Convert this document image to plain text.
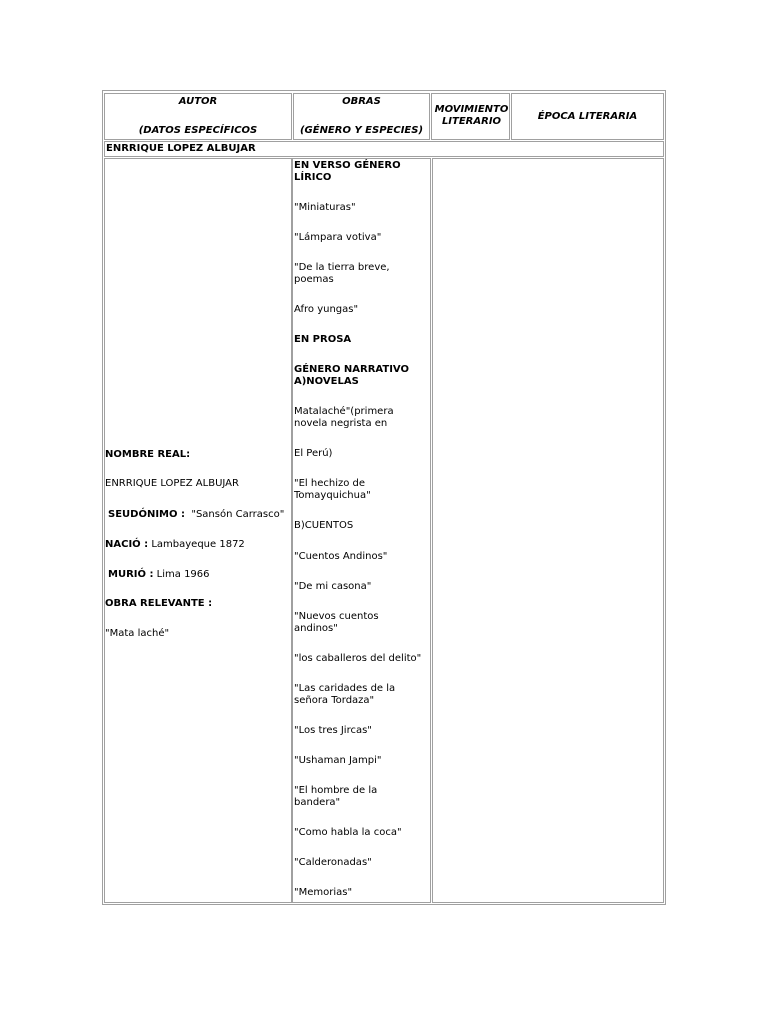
AUTOR
(DATOS ESPECÍFICOS
OBRAS
(GÉNERO Y ESPECIES)
MOVIMIENTO LITERARIO	ÉPOCA LITERARIA
ENRRIQUE LOPEZ ALBUJAR
NOMBRE REAL:
ENRRIQUE LOPEZ ALBUJAR
SEUDÓNIMO : "Sansón Carrasco"
NACIÓ : Lambayeque 1872
MURIÓ : Lima 1966
OBRA RELEVANTE :
"Mata laché"
EN VERSO GÉNERO LÍRICO
"Miniaturas"
"Lámpara votiva"
"De la tierra breve, poemas
Afro yungas"
EN PROSA
GÉNERO NARRATIVO A)NOVELAS
Matalaché"(primera novela negrista en
El Perú)
"El hechizo de Tomayquichua"
B)CUENTOS
"Cuentos Andinos"
"De mi casona"
"Nuevos cuentos andinos"
"los caballeros del delito"
"Las caridades de la señora Tordaza"
"Los tres Jircas"
"Ushaman Jampi"
"El hombre de la bandera"
"Como habla la coca"
"Calderonadas"
"Memorias"
